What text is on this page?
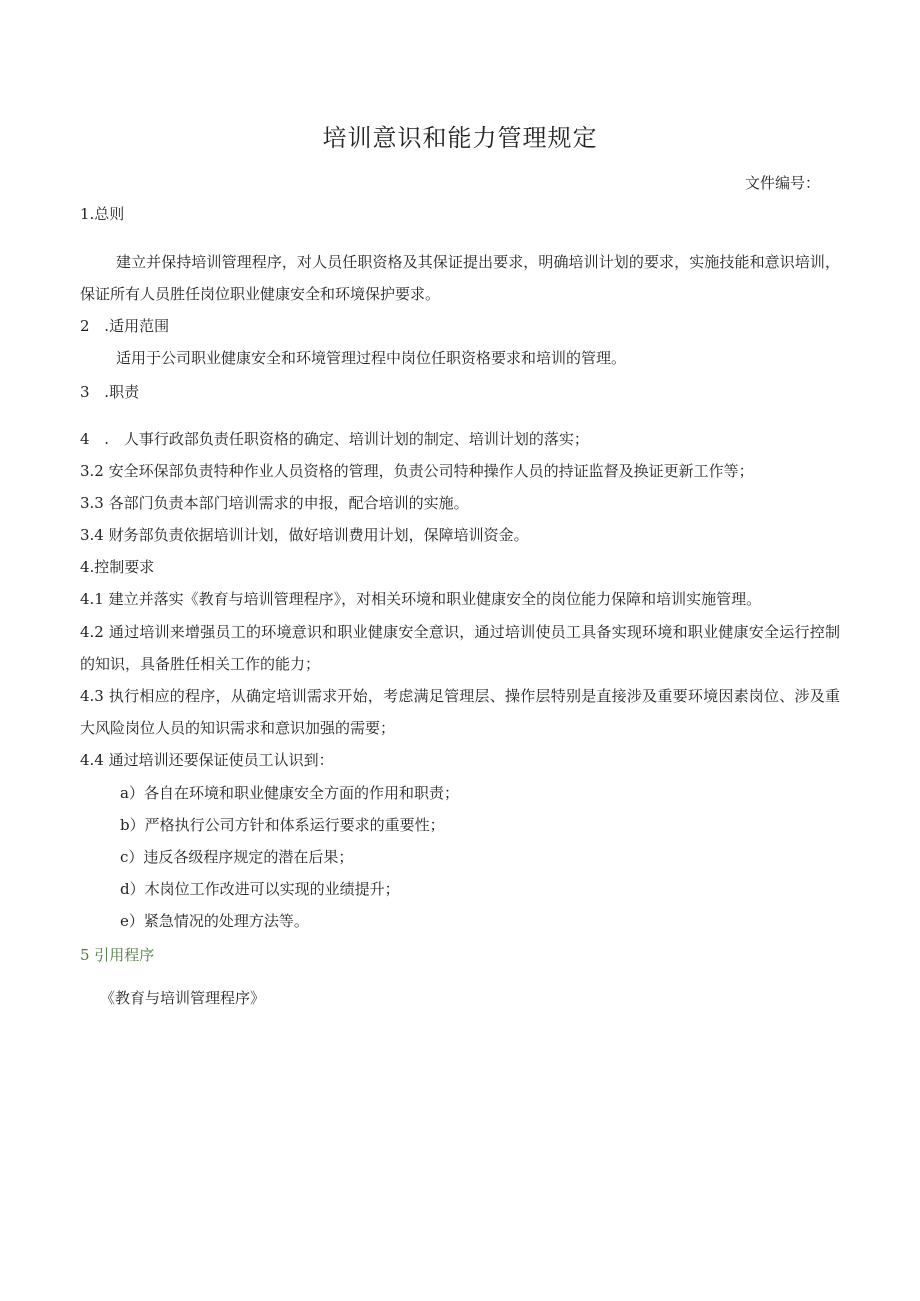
培训意识和能力管理规定
文件编号：
1.总则
建立并保持培训管理程序，对人员任职资格及其保证提出要求，明确培训计划的要求，实施技能和意识培训，保证所有人员胜任岗位职业健康安全和环境保护要求。
2 .适用范围
适用于公司职业健康安全和环境管理过程中岗位任职资格要求和培训的管理。
3 .职责
4 . 人事行政部负责任职资格的确定、培训计划的制定、培训计划的落实；
3.2 安全环保部负责特种作业人员资格的管理，负责公司特种操作人员的持证监督及换证更新工作等；
3.3 各部门负责本部门培训需求的申报，配合培训的实施。
3.4 财务部负责依据培训计划，做好培训费用计划，保障培训资金。
4.控制要求
4.1 建立并落实《教育与培训管理程序》，对相关环境和职业健康安全的岗位能力保障和培训实施管理。
4.2 通过培训来增强员工的环境意识和职业健康安全意识，通过培训使员工具备实现环境和职业健康安全运行控制的知识，具备胜任相关工作的能力；
4.3 执行相应的程序，从确定培训需求开始，考虑满足管理层、操作层特别是直接涉及重要环境因素岗位、涉及重大风险岗位人员的知识需求和意识加强的需要；
4.4 通过培训还要保证使员工认识到：
a）各自在环境和职业健康安全方面的作用和职责；
b）严格执行公司方针和体系运行要求的重要性；
c）违反各级程序规定的潜在后果；
d）木岗位工作改进可以实现的业绩提升；
e）紧急情况的处理方法等。
5 引用程序
《教育与培训管理程序》
